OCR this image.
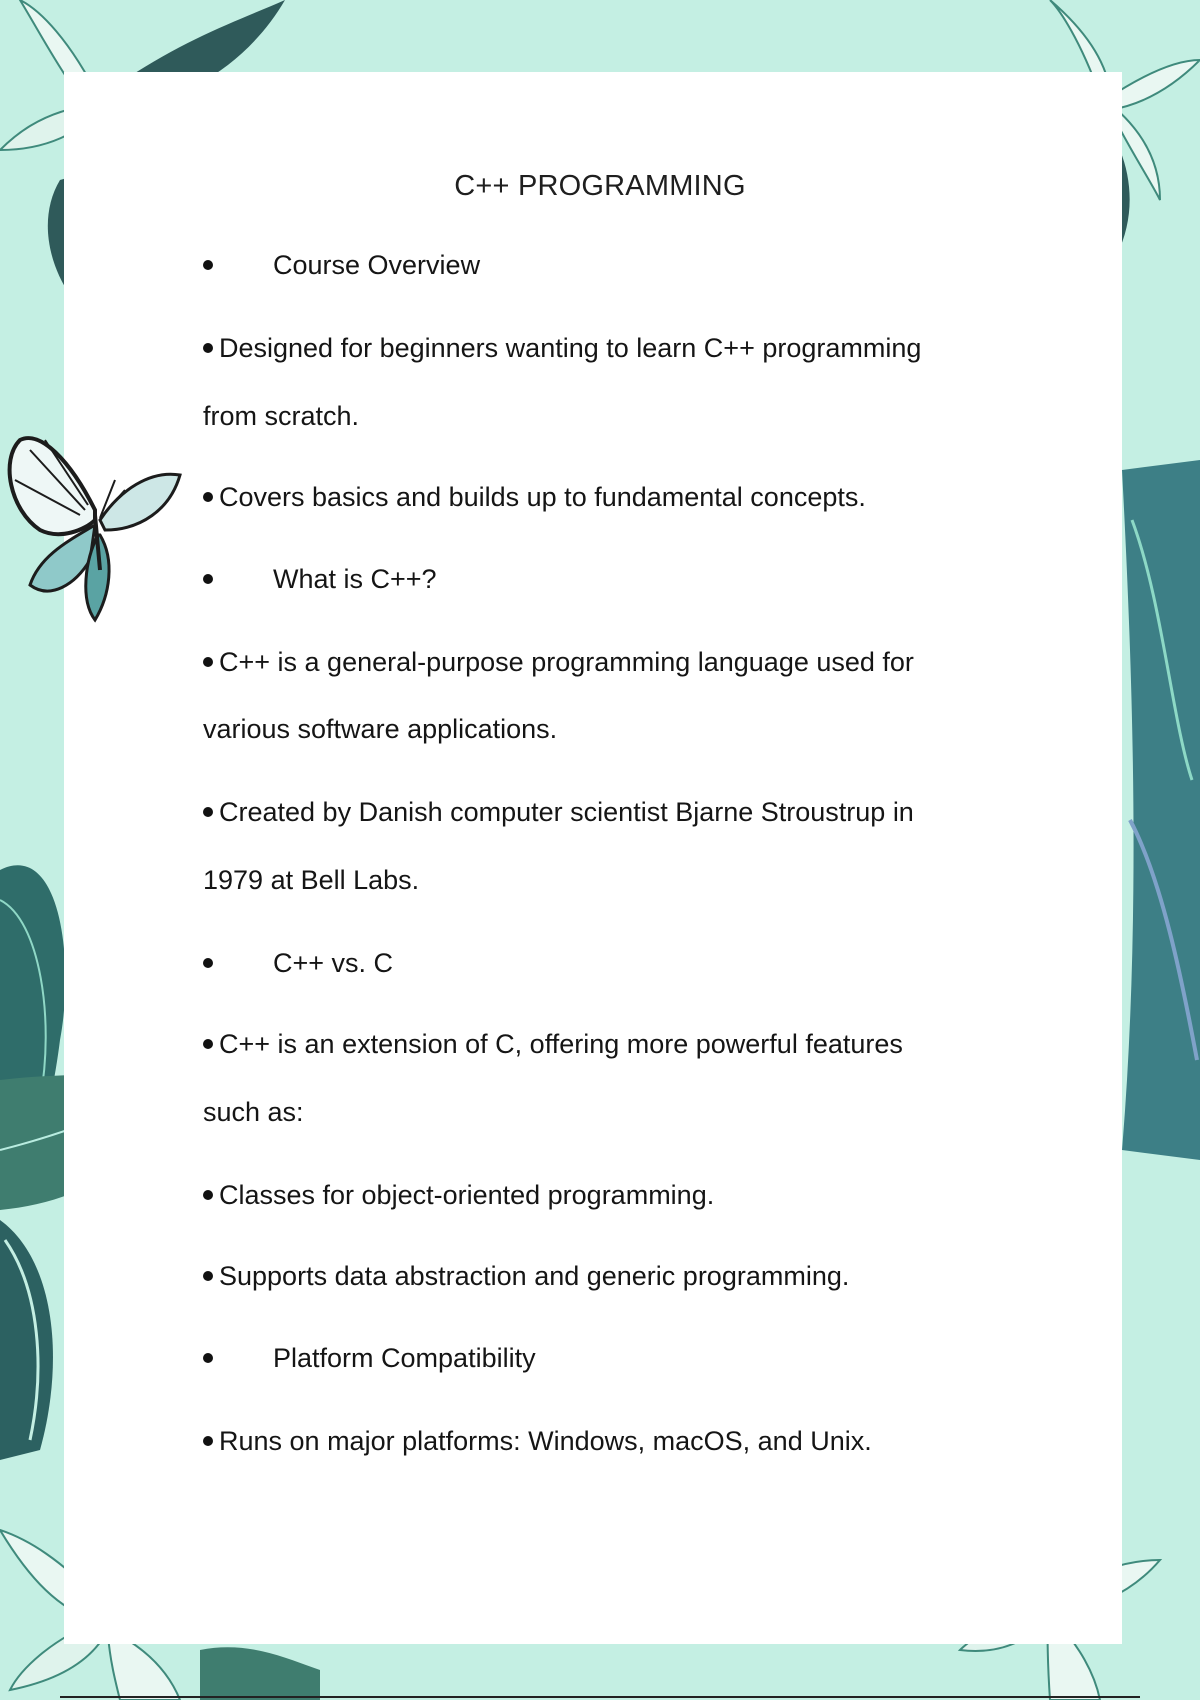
C++ PROGRAMMING
Course Overview
Designed for beginners wanting to learn C++ programming
from scratch.
Covers basics and builds up to fundamental concepts.
What is C++?
C++ is a general-purpose programming language used for
various software applications.
Created by Danish computer scientist Bjarne Stroustrup in
1979 at Bell Labs.
C++ vs. C
C++ is an extension of C, offering more powerful features
such as:
Classes for object-oriented programming.
Supports data abstraction and generic programming.
Platform Compatibility
Runs on major platforms: Windows, macOS, and Unix.
